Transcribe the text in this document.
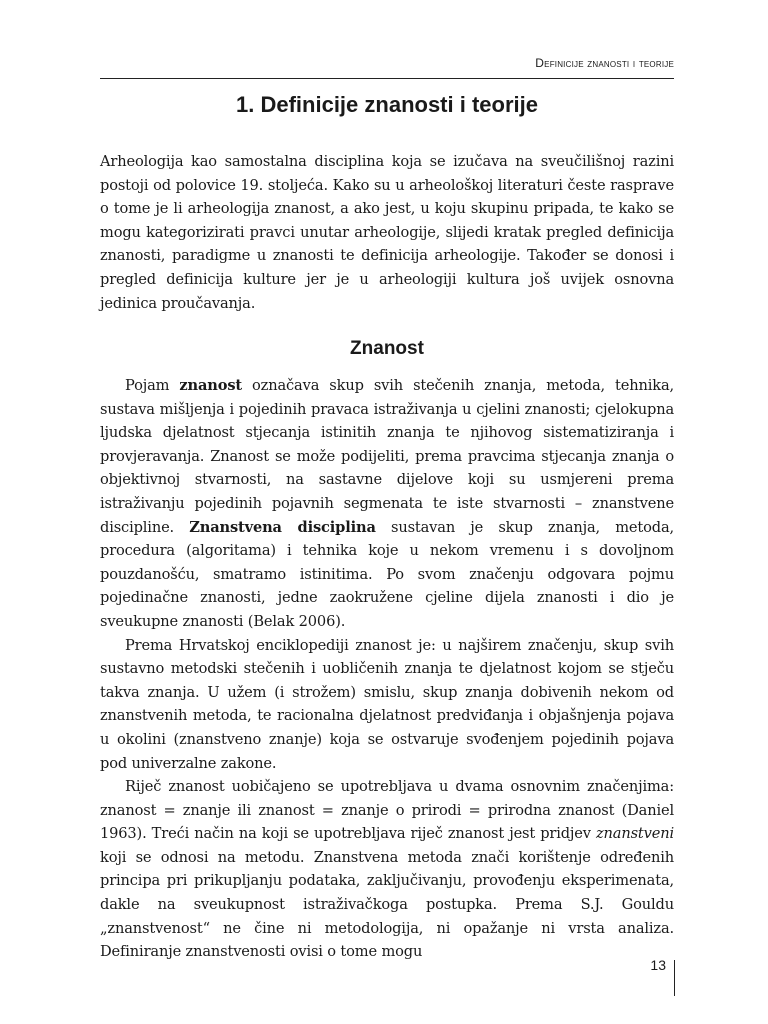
Definicije znanosti i teorije
1. Definicije znanosti i teorije

Arheologija kao samostalna disciplina koja se izučava na sveučilišnoj razini postoji od polovice 19. stoljeća. Kako su u arheološkoj literaturi česte rasprave o tome je li arheologija znanost, a ako jest, u koju skupinu pripada, te kako se mogu kategorizirati pravci unutar arheologije, slijedi kratak pregled definicija znanosti, paradigme u znanosti te definicija arheologije. Također se donosi i pregled definicija kulture jer je u arheologiji kultura još uvijek osnovna jedinica proučavanja.

Znanost

Pojam znanost označava skup svih stečenih znanja, metoda, tehnika, sustava mišljenja i pojedinih pravaca istraživanja u cjelini znanosti; cjelokupna ljudska djelatnost stjecanja istinitih znanja te njihovog sistematiziranja i provjeravanja. Znanost se može podijeliti, prema pravcima stjecanja znanja o objektivnoj stvarnosti, na sastavne dijelove koji su usmjereni prema istraživanju pojedinih pojavnih segmenata te iste stvarnosti – znanstvene discipline. Znanstvena disciplina sustavan je skup znanja, metoda, procedura (algoritama) i tehnika koje u nekom vremenu i s dovoljnom pouzdanošću, smatramo istinitima. Po svom značenju odgovara pojmu pojedinačne znanosti, jedne zaokružene cjeline dijela znanosti i dio je sveukupne znanosti (Belak 2006).

Prema Hrvatskoj enciklopediji znanost je: u najširem značenju, skup svih sustavno metodski stečenih i uobličenih znanja te djelatnost kojom se stječu takva znanja. U užem (i strožem) smislu, skup znanja dobivenih nekom od znanstvenih metoda, te racionalna djelatnost predviđanja i objašnjenja pojava u okolini (znanstveno znanje) koja se ostvaruje svođenjem pojedinih pojava pod univerzalne zakone.

Riječ znanost uobičajeno se upotrebljava u dvama osnovnim značenjima: znanost = znanje ili znanost = znanje o prirodi = prirodna znanost (Daniel 1963). Treći način na koji se upotrebljava riječ znanost jest pridjev znanstveni koji se odnosi na metodu. Znanstvena metoda znači korištenje određenih principa pri prikupljanju podataka, zaključivanju, provođenju eksperimenata, dakle na sveukupnost istraživačkoga postupka. Prema S.J. Gouldu „znanstvenost“ ne čine ni metodologija, ni opažanje ni vrsta analiza. Definiranje znanstvenosti ovisi o tome mogu

13
